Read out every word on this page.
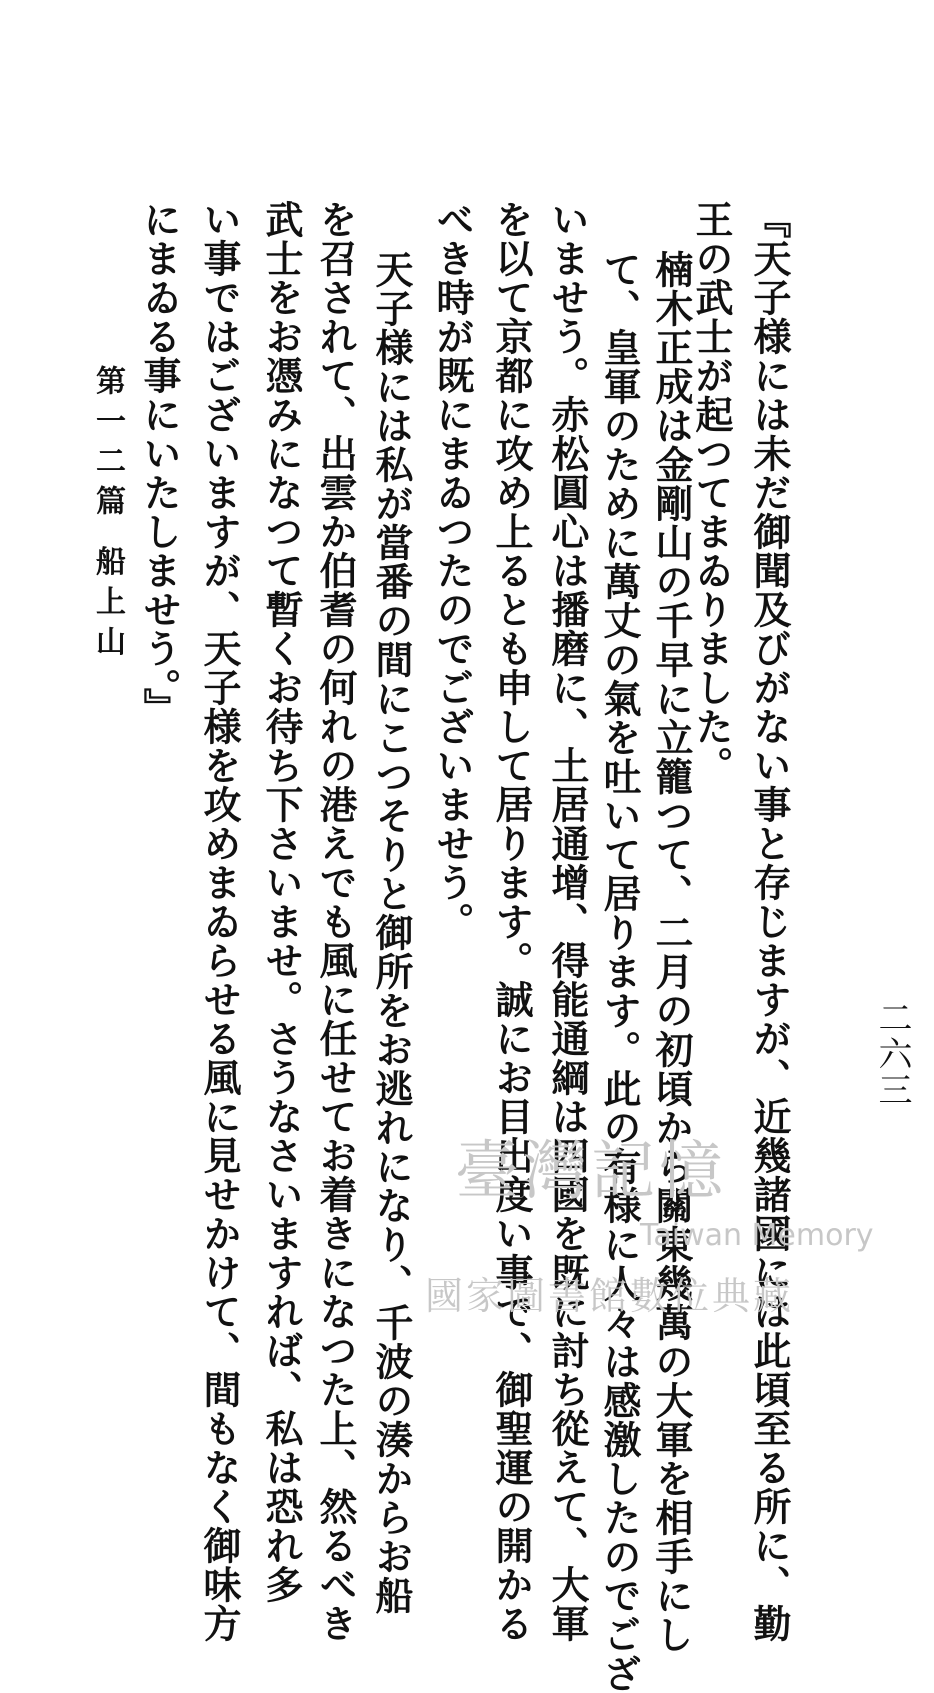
二六三
『天子様には未だ御聞及びがない事と存じますが、近幾諸國には此頃至る所に、勤
王の武士が起つてまゐりました。
楠木正成は金剛山の千早に立籠つて、二月の初頃から關東幾萬の大軍を相手にし
て、皇軍のために萬丈の氣を吐いて居ります。此の有様に人々は感激したのでござ
いませう。赤松圓心は播磨に、土居通增、得能通綱は四國を既に討ち從えて、大軍
を以て京都に攻め上るとも申して居ります。誠にお目出度い事で、御聖運の開かる
べき時が既にまゐつたのでございませう。
天子様には私が當番の間にこつそりと御所をお逃れになり、千波の湊からお船
を召されて、出雲か伯耆の何れの港えでも風に任せてお着きになつた上、然るべき
武士をお憑みになつて暫くお待ち下さいませ。さうなさいますれば、私は恐れ多
い事ではございますが、天子様を攻めまゐらせる風に見せかけて、間もなく御味方
にまゐる事にいたしませう。』
第一二篇 船上山
臺灣記憶
Taiwan Memory
國家圖書館數位典藏
